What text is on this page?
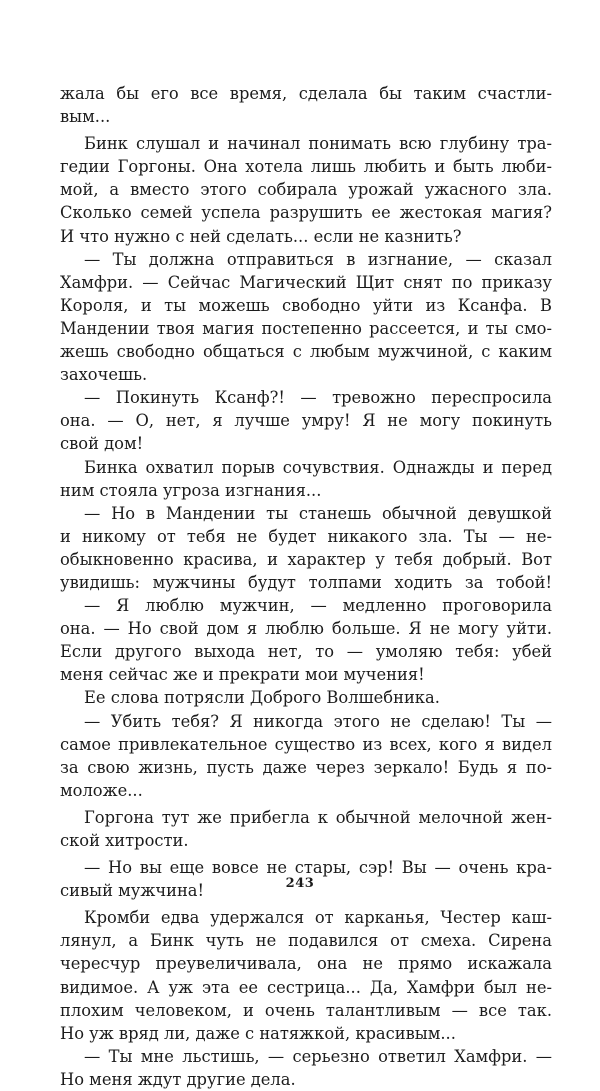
жала бы его все время, сделала бы таким счастли-
вым...
Бинк слушал и начинал понимать всю глубину тра-
гедии Горгоны. Она хотела лишь любить и быть люби-
мой, а вместо этого собирала урожай ужасного зла.
Сколько семей успела разрушить ее жестокая магия?
И что нужно с ней сделать... если не казнить?
— Ты должна отправиться в изгнание, — сказал
Хамфри. — Сейчас Магический Щит снят по приказу
Короля, и ты можешь свободно уйти из Ксанфа. В
Мандении твоя магия постепенно рассеется, и ты смо-
жешь свободно общаться с любым мужчиной, с каким
захочешь.
— Покинуть Ксанф?! — тревожно переспросила
она. — О, нет, я лучше умру! Я не могу покинуть
свой дом!
Бинка охватил порыв сочувствия. Однажды и перед
ним стояла угроза изгнания...
— Но в Мандении ты станешь обычной девушкой
и никому от тебя не будет никакого зла. Ты — не-
обыкновенно красива, и характер у тебя добрый. Вот
увидишь: мужчины будут толпами ходить за тобой!
— Я люблю мужчин, — медленно проговорила
она. — Но свой дом я люблю больше. Я не могу уйти.
Если другого выхода нет, то — умоляю тебя: убей
меня сейчас же и прекрати мои мучения!
Ее слова потрясли Доброго Волшебника.
— Убить тебя? Я никогда этого не сделаю! Ты —
самое привлекательное существо из всех, кого я видел
за свою жизнь, пусть даже через зеркало! Будь я по-
моложе...
Горгона тут же прибегла к обычной мелочной жен-
ской хитрости.
— Но вы еще вовсе не стары, сэр! Вы — очень кра-
сивый мужчина!
Кромби едва удержался от карканья, Честер каш-
лянул, а Бинк чуть не подавился от смеха. Сирена
чересчур преувеличивала, она не прямо искажала
видимое. А уж эта ее сестрица... Да, Хамфри был не-
плохим человеком, и очень талантливым — все так.
Но уж вряд ли, даже с натяжкой, красивым...
— Ты мне льстишь, — серьезно ответил Хамфри. —
Но меня ждут другие дела.
243
